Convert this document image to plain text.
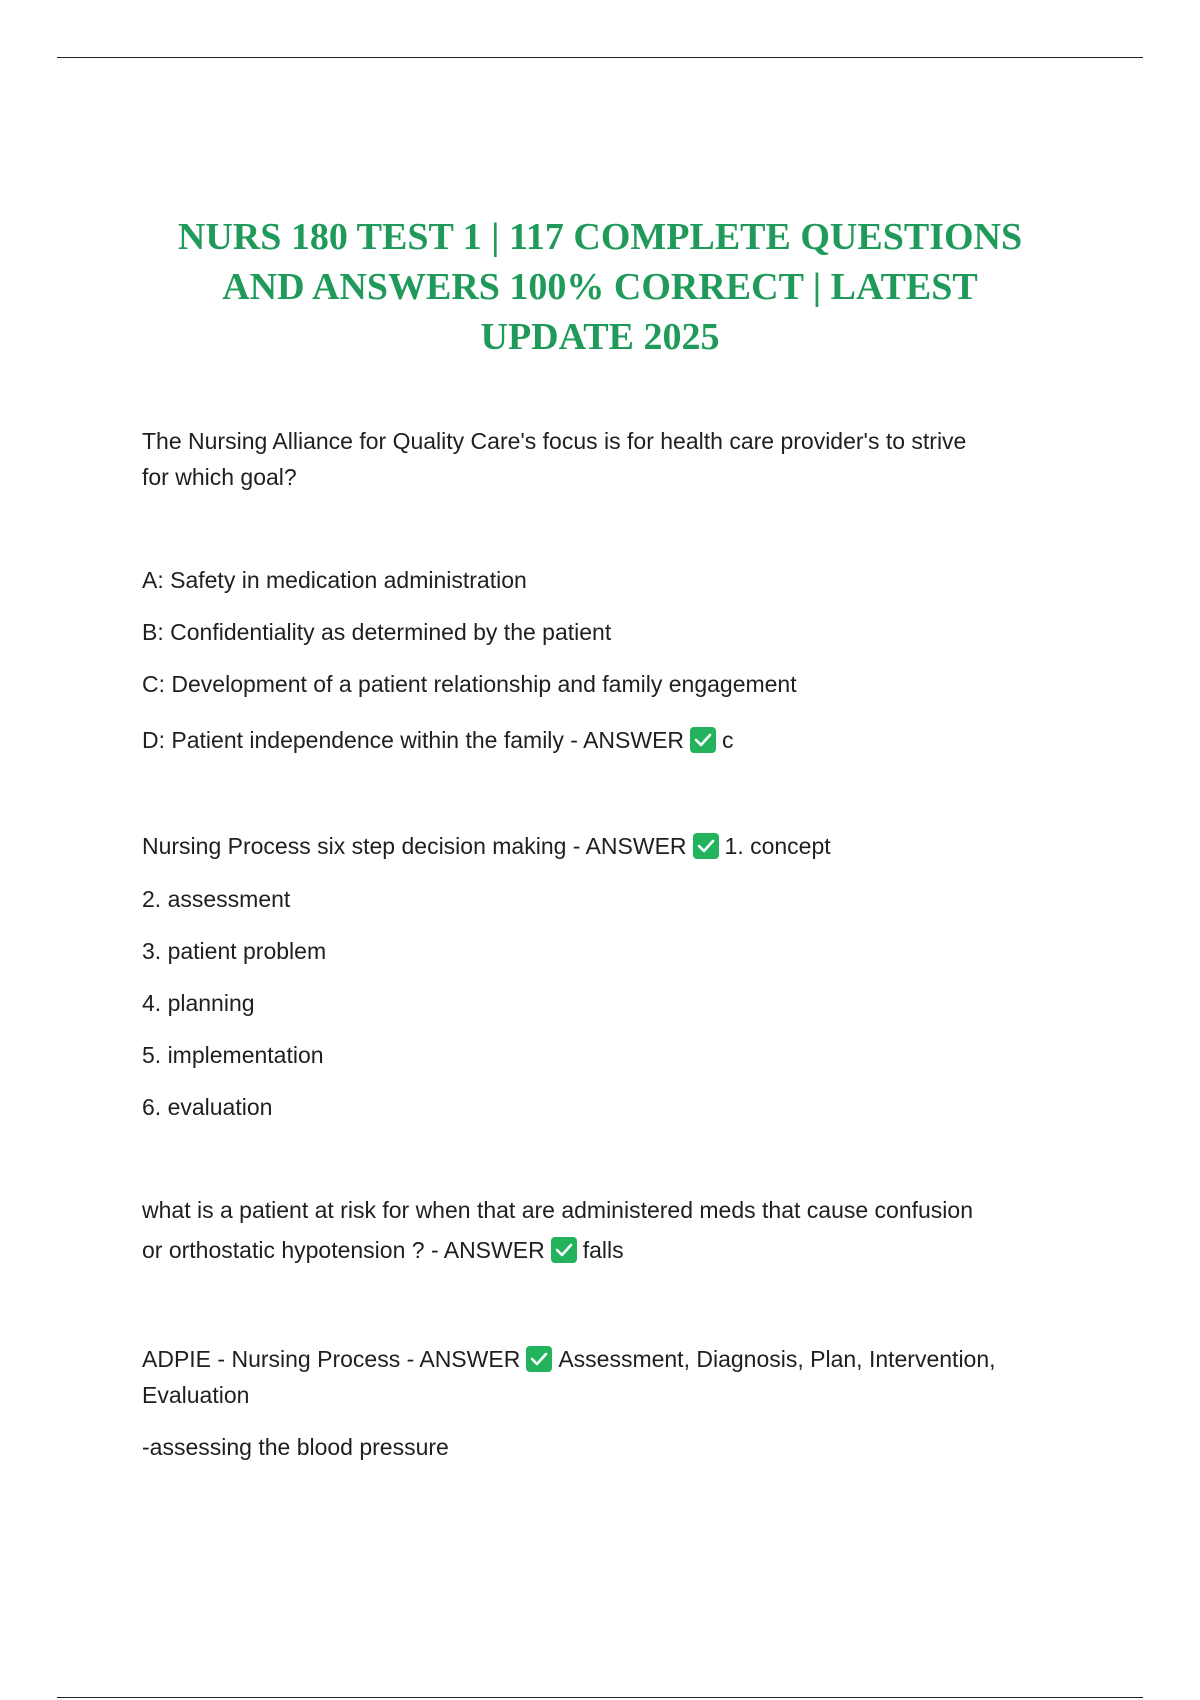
NURS 180 TEST 1 | 117 COMPLETE QUESTIONS
AND ANSWERS 100% CORRECT | LATEST
UPDATE 2025
The Nursing Alliance for Quality Care's focus is for health care provider's to strive
for which goal?
A: Safety in medication administration
B: Confidentiality as determined by the patient
C: Development of a patient relationship and family engagement
D: Patient independence within the family - ANSWER c
Nursing Process six step decision making - ANSWER 1. concept
2. assessment
3. patient problem
4. planning
5. implementation
6. evaluation
what is a patient at risk for when that are administered meds that cause confusion
or orthostatic hypotension ? - ANSWER falls
ADPIE - Nursing Process - ANSWER Assessment, Diagnosis, Plan, Intervention,
Evaluation
-assessing the blood pressure
